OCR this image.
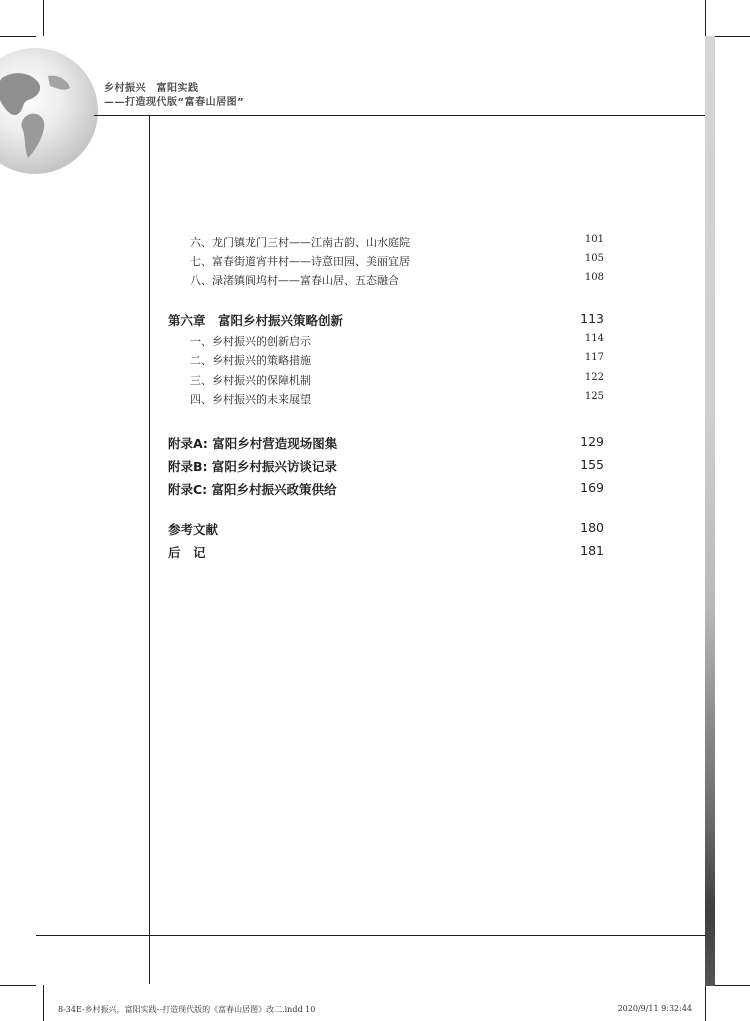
乡村振兴　富阳实践
——打造现代版“富春山居图”
六、龙门镇龙门三村——江南古韵、山水庭院	101
七、富春街道宵井村——诗意田园、美丽宜居	105
八、渌渚镇阆坞村——富春山居、五态融合	108
第六章　富阳乡村振兴策略创新	113
一、乡村振兴的创新启示	114
二、乡村振兴的策略措施	117
三、乡村振兴的保障机制	122
四、乡村振兴的未来展望	125
附录A: 富阳乡村营造现场图集	129
附录B: 富阳乡村振兴访谈记录	155
附录C: 富阳乡村振兴政策供给	169
参考文献	180
后　记	181
8-34E-乡村振兴，富阳实践--打造现代版的《富春山居图》改二.indd 10	2020/9/11 9:32:44
